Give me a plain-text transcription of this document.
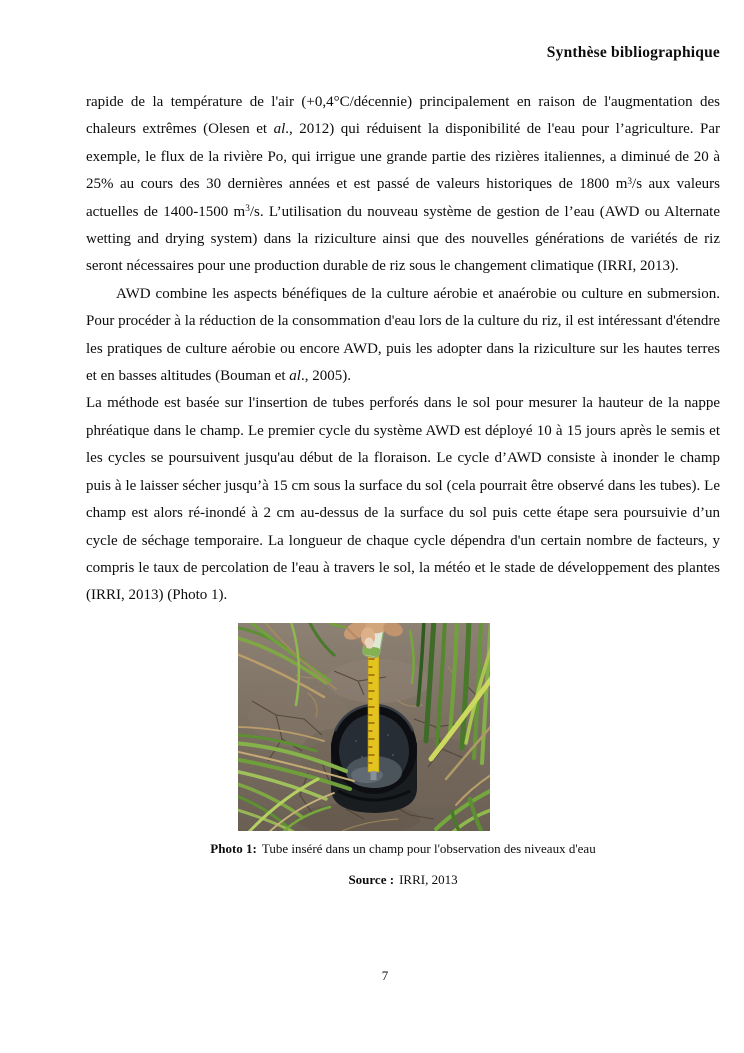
Synthèse bibliographique

rapide de la température de l'air (+0,4°C/décennie) principalement en raison de l'augmentation des chaleurs extrêmes (Olesen et al., 2012) qui réduisent la disponibilité de l'eau pour l’agriculture. Par exemple, le flux de la rivière Po, qui irrigue une grande partie des rizières italiennes, a diminué de 20 à 25% au cours des 30 dernières années et est passé de valeurs historiques de 1800 $m^3/s$ aux valeurs actuelles de 1400-1500 $m^3/s$. L’utilisation du nouveau système de gestion de l’eau (AWD ou Alternate wetting and drying system) dans la riziculture ainsi que des nouvelles générations de variétés de riz seront nécessaires pour une production durable de riz sous le changement climatique (IRRI, 2013).

AWD combine les aspects bénéfiques de la culture aérobie et anaérobie ou culture en submersion. Pour procéder à la réduction de la consommation d'eau lors de la culture du riz, il est intéressant d'étendre les pratiques de culture aérobie ou encore AWD, puis les adopter dans la riziculture sur les hautes terres et en basses altitudes (Bouman et al., 2005).

La méthode est basée sur l'insertion de tubes perforés dans le sol pour mesurer la hauteur de la nappe phréatique dans le champ. Le premier cycle du système AWD est déployé 10 à 15 jours après le semis et les cycles se poursuivent jusqu'au début de la floraison. Le cycle d’AWD consiste à inonder le champ puis à le laisser sécher jusqu’à 15 cm sous la surface du sol (cela pourrait être observé dans les tubes). Le champ est alors ré-inondé à 2 cm au-dessus de la surface du sol puis cette étape sera poursuivie d’un cycle de séchage temporaire. La longueur de chaque cycle dépendra d'un certain nombre de facteurs, y compris le taux de percolation de l'eau à travers le sol, la météo et le stade de développement des plantes (IRRI, 2013) (Photo 1).

Photo 1: Tube inséré dans un champ pour l'observation des niveaux d'eau
Source : IRRI, 2013
7
